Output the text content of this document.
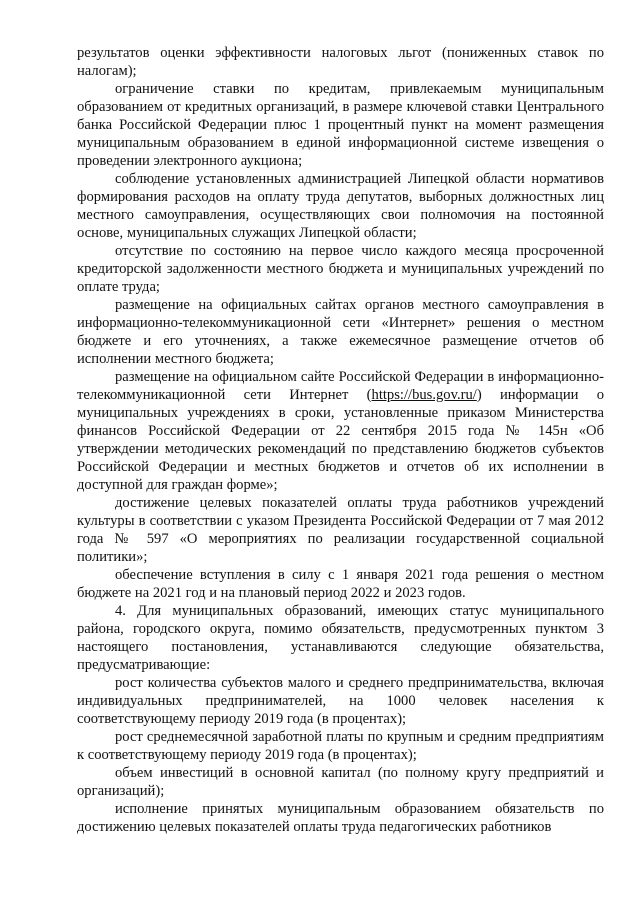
результатов оценки эффективности налоговых льгот (пониженных ставок по налогам);

ограничение ставки по кредитам, привлекаемым муниципальным образованием от кредитных организаций, в размере ключевой ставки Центрального банка Российской Федерации плюс 1 процентный пункт на момент размещения муниципальным образованием в единой информационной системе извещения о проведении электронного аукциона;

соблюдение установленных администрацией Липецкой области нормативов формирования расходов на оплату труда депутатов, выборных должностных лиц местного самоуправления, осуществляющих свои полномочия на постоянной основе, муниципальных служащих Липецкой области;

отсутствие по состоянию на первое число каждого месяца просроченной кредиторской задолженности местного бюджета и муниципальных учреждений по оплате труда;

размещение на официальных сайтах органов местного самоуправления в информационно-телекоммуникационной сети «Интернет» решения о местном бюджете и его уточнениях, а также ежемесячное размещение отчетов об исполнении местного бюджета;

размещение на официальном сайте Российской Федерации в информационно-телекоммуникационной сети Интернет (https://bus.gov.ru/) информации о муниципальных учреждениях в сроки, установленные приказом Министерства финансов Российской Федерации от 22 сентября 2015 года № 145н «Об утверждении методических рекомендаций по представлению бюджетов субъектов Российской Федерации и местных бюджетов и отчетов об их исполнении в доступной для граждан форме»;

достижение целевых показателей оплаты труда работников учреждений культуры в соответствии с указом Президента Российской Федерации от 7 мая 2012 года № 597 «О мероприятиях по реализации государственной социальной политики»;

обеспечение вступления в силу с 1 января 2021 года решения о местном бюджете на 2021 год и на плановый период 2022 и 2023 годов.

4. Для муниципальных образований, имеющих статус муниципального района, городского округа, помимо обязательств, предусмотренных пунктом 3 настоящего постановления, устанавливаются следующие обязательства, предусматривающие:

рост количества субъектов малого и среднего предпринимательства, включая индивидуальных предпринимателей, на 1000 человек населения к соответствующему периоду 2019 года (в процентах);

рост среднемесячной заработной платы по крупным и средним предприятиям к соответствующему периоду 2019 года (в процентах);

объем инвестиций в основной капитал (по полному кругу предприятий и организаций);

исполнение принятых муниципальным образованием обязательств по достижению целевых показателей оплаты труда педагогических работников
